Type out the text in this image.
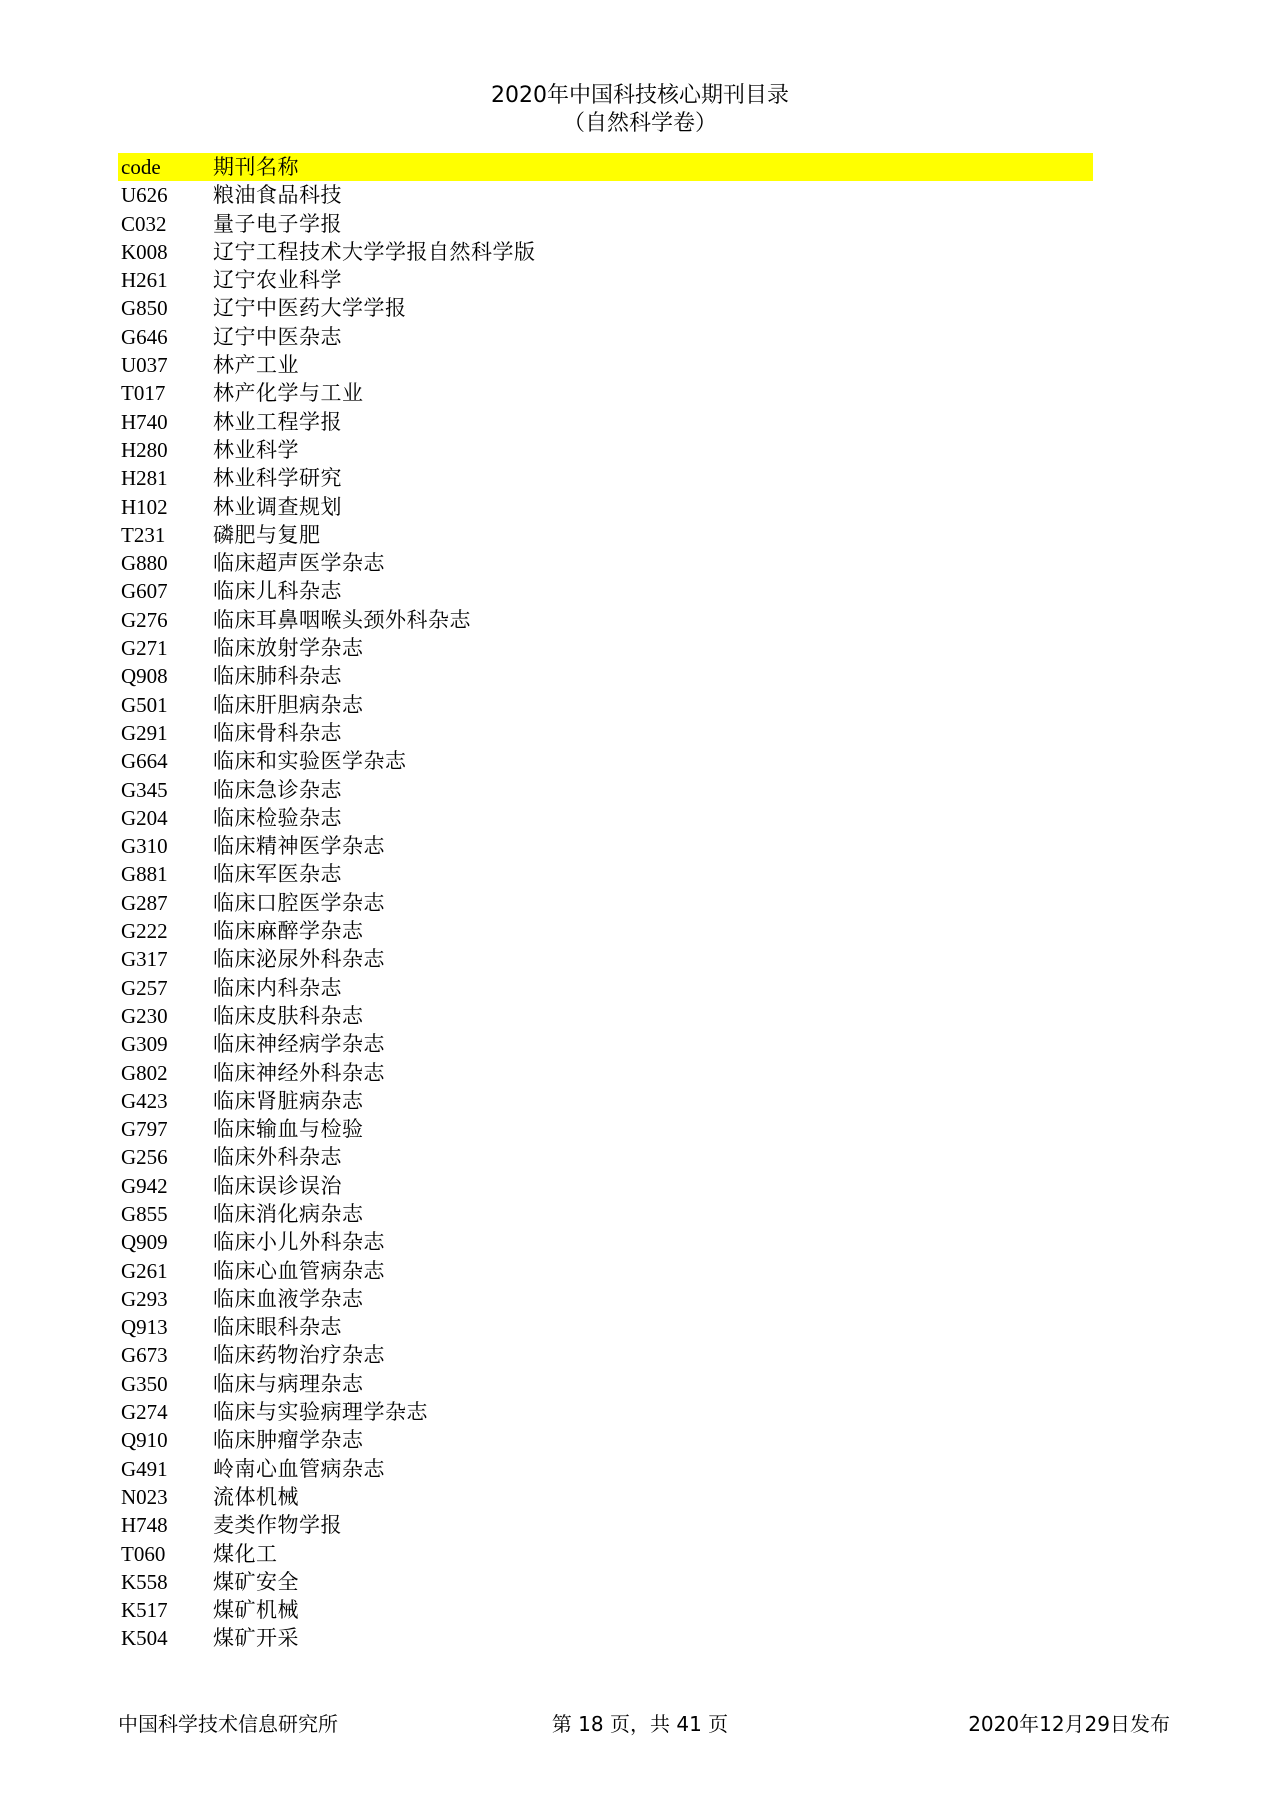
2020年中国科技核心期刊目录
（自然科学卷）
code	期刊名称
U626	粮油食品科技
C032	量子电子学报
K008	辽宁工程技术大学学报自然科学版
H261	辽宁农业科学
G850	辽宁中医药大学学报
G646	辽宁中医杂志
U037	林产工业
T017	林产化学与工业
H740	林业工程学报
H280	林业科学
H281	林业科学研究
H102	林业调查规划
T231	磷肥与复肥
G880	临床超声医学杂志
G607	临床儿科杂志
G276	临床耳鼻咽喉头颈外科杂志
G271	临床放射学杂志
Q908	临床肺科杂志
G501	临床肝胆病杂志
G291	临床骨科杂志
G664	临床和实验医学杂志
G345	临床急诊杂志
G204	临床检验杂志
G310	临床精神医学杂志
G881	临床军医杂志
G287	临床口腔医学杂志
G222	临床麻醉学杂志
G317	临床泌尿外科杂志
G257	临床内科杂志
G230	临床皮肤科杂志
G309	临床神经病学杂志
G802	临床神经外科杂志
G423	临床肾脏病杂志
G797	临床输血与检验
G256	临床外科杂志
G942	临床误诊误治
G855	临床消化病杂志
Q909	临床小儿外科杂志
G261	临床心血管病杂志
G293	临床血液学杂志
Q913	临床眼科杂志
G673	临床药物治疗杂志
G350	临床与病理杂志
G274	临床与实验病理学杂志
Q910	临床肿瘤学杂志
G491	岭南心血管病杂志
N023	流体机械
H748	麦类作物学报
T060	煤化工
K558	煤矿安全
K517	煤矿机械
K504	煤矿开采
中国科学技术信息研究所	第 18 页，共 41 页	2020年12月29日发布
